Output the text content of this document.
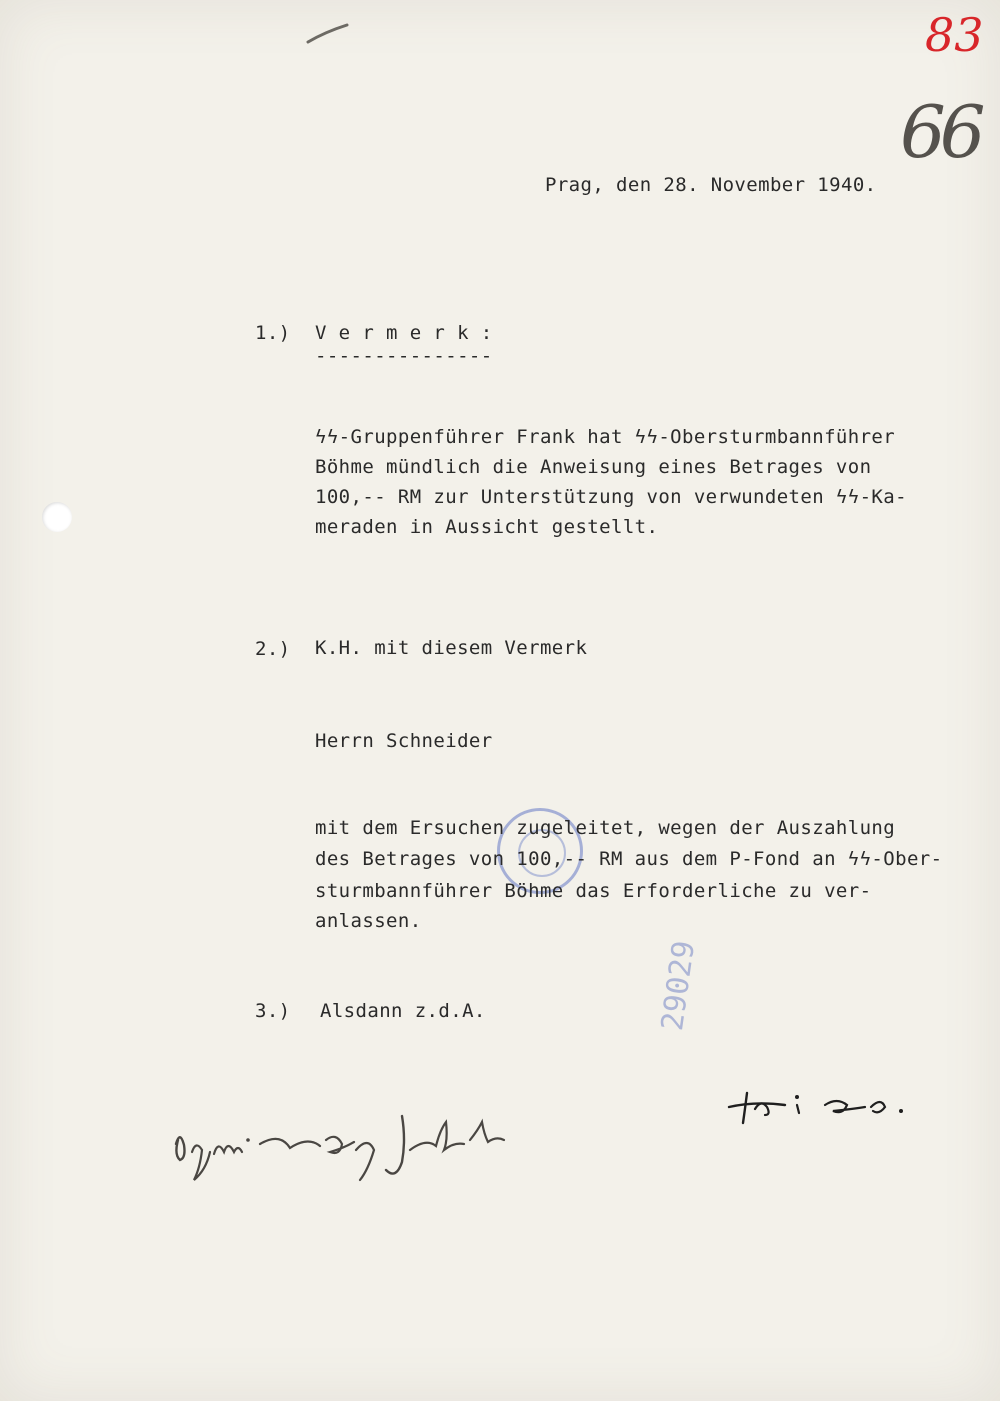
83
66
Prag, den 28. November 1940.
1.) V e r m e r k :
---------------
ϟϟ-Gruppenführer Frank hat ϟϟ-Obersturmbannführer
Böhme mündlich die Anweisung eines Betrages von
100,-- RM zur Unterstützung von verwundeten ϟϟ-Ka-
meraden in Aussicht gestellt.
2.) K.H. mit diesem Vermerk
Herrn Schneider
mit dem Ersuchen zugeleitet, wegen der Auszahlung
des Betrages von 100,-- RM aus dem P-Fond an ϟϟ-Ober-
sturmbannführer Böhme das Erforderliche zu ver-
anlassen.
3.) Alsdann z.d.A.	29029
